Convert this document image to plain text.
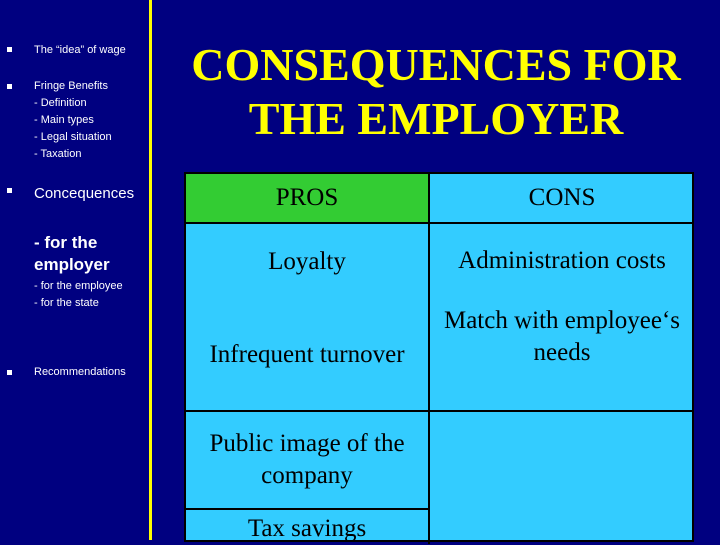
The “idea” of wage
Fringe Benefits
- Definition
- Main types
- Legal situation
- Taxation
Concequences
- for the employer
- for the employee
- for the state
Recommendations
CONSEQUENCES FOR THE EMPLOYER
PROS	CONS
Loyalty
Infrequent turnover
Public image of the company
Tax savings
Administration costs
Match with employee‘s needs
